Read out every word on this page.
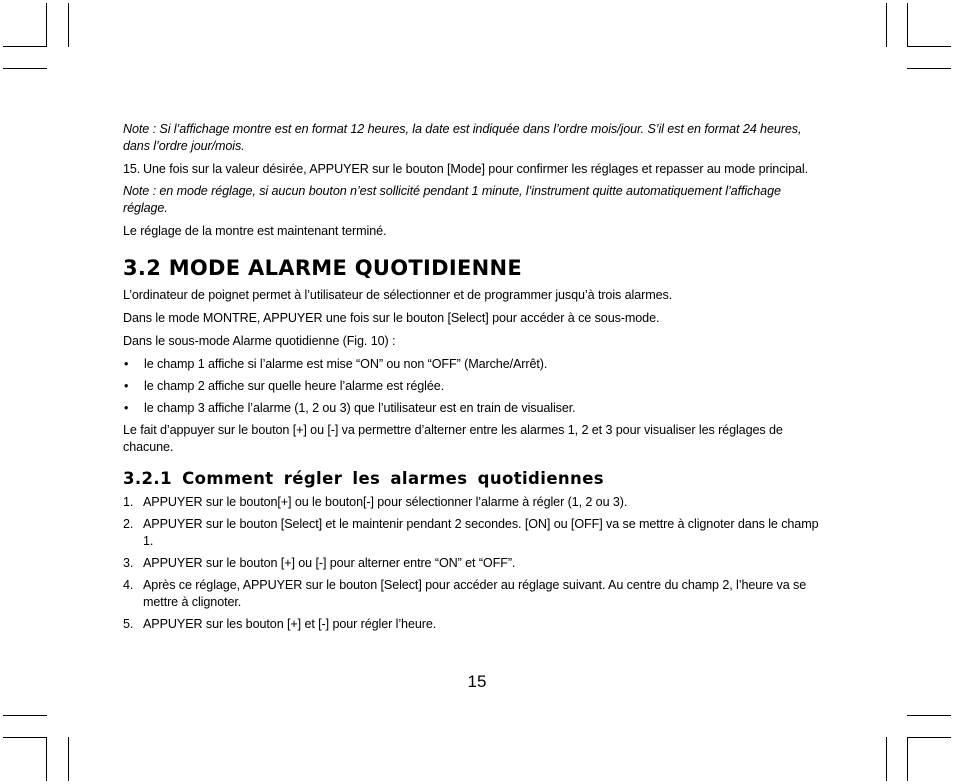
Note : Si l’affichage montre est en format 12 heures, la date est indiquée dans l’ordre mois/jour. S’il est en format 24 heures, dans l’ordre jour/mois.
15. Une fois sur la valeur désirée, APPUYER sur le bouton [Mode] pour confirmer les réglages et repasser au mode principal.
Note : en mode réglage, si aucun bouton n’est sollicité pendant 1 minute, l’instrument quitte automatiquement l’affichage réglage.
Le réglage de la montre est maintenant terminé.
3.2 MODE ALARME QUOTIDIENNE
L’ordinateur de poignet permet à l’utilisateur de sélectionner et de programmer jusqu’à trois alarmes.
Dans le mode MONTRE, APPUYER une fois sur le bouton [Select] pour accéder à ce sous-mode.
Dans le sous-mode Alarme quotidienne (Fig. 10) :
•	le champ 1 affiche si l’alarme est mise “ON” ou non “OFF” (Marche/Arrêt).
•	le champ 2 affiche sur quelle heure l’alarme est réglée.
•	le champ 3 affiche l’alarme (1, 2 ou 3) que l’utilisateur est en train de visualiser.
Le fait d’appuyer sur le bouton [+] ou [-] va permettre d’alterner entre les alarmes 1, 2 et 3 pour visualiser les réglages de chacune.
3.2.1 Comment régler les alarmes quotidiennes
1. APPUYER sur le bouton[+] ou le bouton[-] pour sélectionner l’alarme à régler (1, 2 ou 3).
2. APPUYER sur le bouton [Select] et le maintenir pendant 2 secondes. [ON] ou [OFF] va se mettre à clignoter dans le champ 1.
3. APPUYER sur le bouton [+] ou [-] pour alterner entre “ON” et “OFF”.
4. Après ce réglage, APPUYER sur le bouton [Select] pour accéder au réglage suivant. Au centre du champ 2, l’heure va se mettre à clignoter.
5. APPUYER sur les bouton [+] et [-] pour régler l’heure.
15
